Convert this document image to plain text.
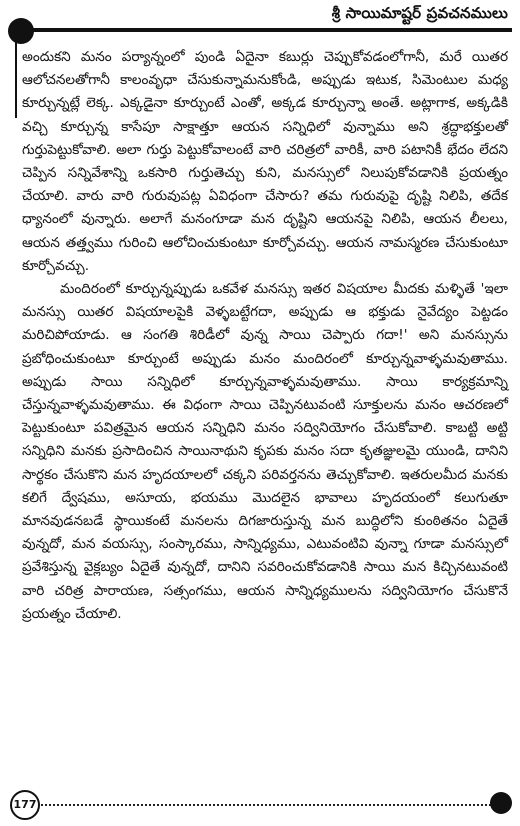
శ్రీ సాయిమాష్టర్ ప్రవచనములు

అందుకని మనం పర్యాన్నంలో పుండి ఏదైనా కబుర్లు చెప్పుకోవడంలోగానీ, మరే యితర ఆలోచనలతోగానీ కాలంవృధా చేసుకున్నామనుకోండి, అప్పుడు ఇటుక, సిమెంటుల మధ్య కూర్చున్నట్లే లెక్క. ఎక్కడైనా కూర్చుంటే ఎంతో, అక్కడ కూర్చున్నా అంతే. అట్లాగాక, అక్కడికి వచ్చి కూర్చున్న కాసేపూ సాక్షాత్తూ ఆయన సన్నిధిలో వున్నాము అని శ్రద్ధాభక్తులతో గుర్తుపెట్టుకోవాలి. అలా గుర్తు పెట్టుకోవాలంటే వారి చరిత్రలో వారికీ, వారి పటానికీ భేదం లేదని చెప్పిన సన్నివేశాన్ని ఒకసారి గుర్తుతెచ్చు కుని, మనస్సులో నిలుపుకోవడానికి ప్రయత్నం చేయాలి. వారు వారి గురువుపట్ల ఏవిధంగా చేసారు? తమ గురువుపై దృష్టి నిలిపి, తదేక ధ్యానంలో వున్నారు. అలాగే మనంగూడా మన దృష్టిని ఆయనపై నిలిపి, ఆయన లీలలు, ఆయన తత్త్వము గురించి ఆలోచించుకుంటూ కూర్చోవచ్చు. ఆయన నామస్మరణ చేసుకుంటూ కూర్చోవచ్చు.

మందిరంలో కూర్చున్నప్పుడు ఒకవేళ మనస్సు ఇతర విషయాల మీదకు మళ్ళితే 'ఇలా మనస్సు యితర విషయాలపైకి వెళ్ళబట్టేగదా, అప్పుడు ఆ భక్తుడు నైవేద్యం పెట్టడం మరిచిపోయాడు. ఆ సంగతి శిరిడీలో వున్న సాయి చెప్పారు గదా!' అని మనస్సును ప్రబోధించుకుంటూ కూర్చుంటే అప్పుడు మనం మందిరంలో కూర్చున్నవాళ్ళమవుతాము. అప్పుడు సాయి సన్నిధిలో కూర్చున్నవాళ్ళమవుతాము. సాయి కార్యక్రమాన్ని చేస్తున్నవాళ్ళమవుతాము. ఈ విధంగా సాయి చెప్పినటువంటి సూక్తులను మనం ఆచరణలో పెట్టుకుంటూ పవిత్రమైన ఆయన సన్నిధిని మనం సద్వినియోగం చేసుకోవాలి. కాబట్టి అట్టి సన్నిధిని మనకు ప్రసాదించిన సాయినాథుని కృపకు మనం సదా కృతజ్ఞులమై యుండి, దానిని సార్థకం చేసుకొని మన హృదయాలలో చక్కని పరివర్తనను తెచ్చుకోవాలి. ఇతరులమీద మనకు కలిగే ద్వేషము, అసూయ, భయము మొదలైన భావాలు హృదయంలో కలుగుతూ మానవుడనబడే స్థాయికంటే మనలను దిగజారుస్తున్న మన బుద్ధిలోని కుంఠితనం ఏదైతే వున్నదో, మన వయస్సు, సంస్కారము, సాన్నిధ్యము, ఎటువంటివి వున్నా గూడా మనస్సులో ప్రవేశిస్తున్న వైక్లబ్యం ఏదైతే వున్నదో, దానిని సవరించుకోవడానికి సాయి మన కిచ్చినటువంటి వారి చరిత్ర పారాయణ, సత్సంగము, ఆయన సాన్నిధ్యములను సద్వినియోగం చేసుకొనే ప్రయత్నం చేయాలి.

177
